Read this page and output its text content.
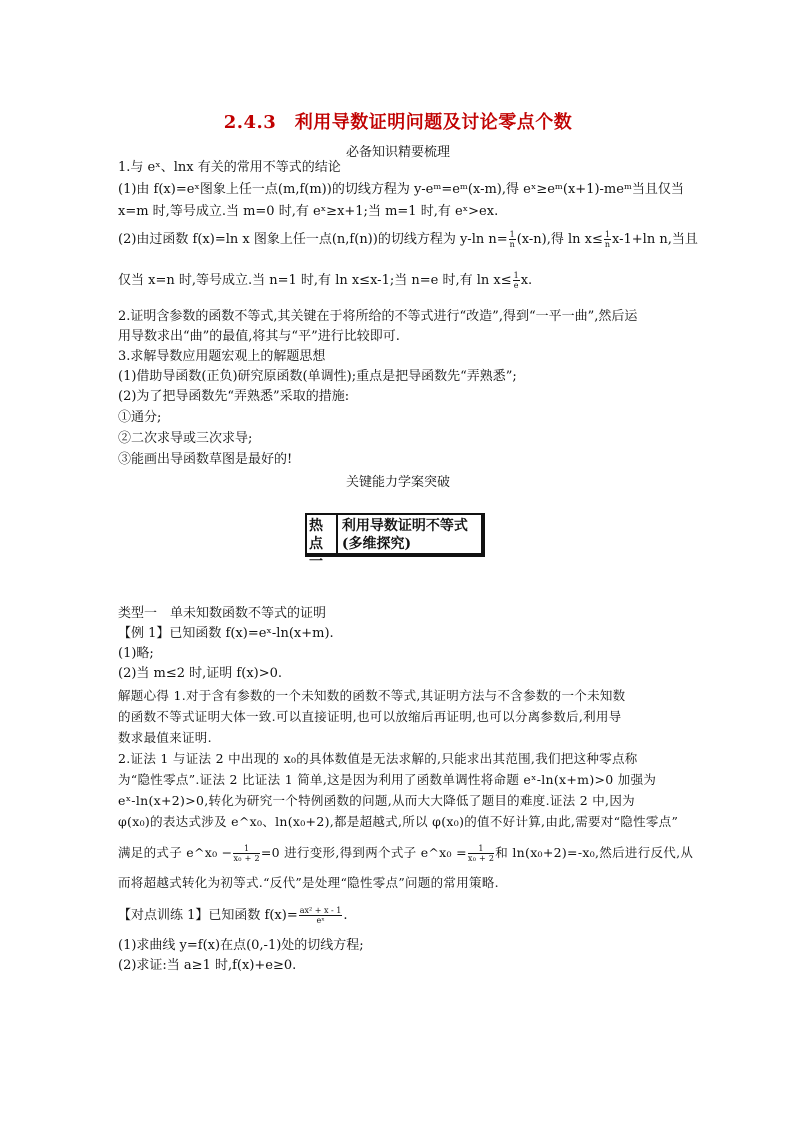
2.4.3　利用导数证明问题及讨论零点个数
必备知识精要梳理
1.与 eˣ、lnx 有关的常用不等式的结论
(1)由 f(x)=eˣ图象上任一点(m,f(m))的切线方程为 y-eᵐ=eᵐ(x-m),得 eˣ≥eᵐ(x+1)-meᵐ当且仅当
x=m 时,等号成立.当 m=0 时,有 eˣ≥x+1;当 m=1 时,有 eˣ>ex.
(2)由过函数 f(x)=ln x 图象上任一点(n,f(n))的切线方程为 y-ln $n= \frac{1}{n} (x-n)$,得 $\ln x\le \frac{1}{n} x-1+\ln$ n,当且
仅当 x=n 时,等号成立.当 n=1 时,有 ln x≤x-1;当 n=e 时,有 $\ln x\le \frac{1}{e} x$.
2.证明含参数的函数不等式,其关键在于将所给的不等式进行“改造”,得到“一平一曲”,然后运
用导数求出“曲”的最值,将其与“平”进行比较即可.
3.求解导数应用题宏观上的解题思想
(1)借助导函数(正负)研究原函数(单调性);重点是把导函数先“弄熟悉”;
(2)为了把导函数先“弄熟悉”采取的措施:
①通分;
②二次求导或三次求导;
③能画出导函数草图是最好的!
关键能力学案突破
热点一
利用导数证明不等式(多维探究)
类型一　单未知数函数不等式的证明
【例 1】已知函数 f(x)=eˣ-ln(x+m).
(1)略;
(2)当 m≤2 时,证明 f(x)>0.
解题心得 1.对于含有参数的一个未知数的函数不等式,其证明方法与不含参数的一个未知数
的函数不等式证明大体一致.可以直接证明,也可以放缩后再证明,也可以分离参数后,利用导
数求最值来证明.
2.证法 1 与证法 2 中出现的 x₀的具体数值是无法求解的,只能求出其范围,我们把这种零点称
为“隐性零点”.证法 2 比证法 1 简单,这是因为利用了函数单调性将命题 eˣ-ln(x+m)>0 加强为
eˣ-ln(x+2)>0,转化为研究一个特例函数的问题,从而大大降低了题目的难度.证法 2 中,因为
φ(x₀)的表达式涉及 e^x₀、ln(x₀+2),都是超越式,所以 φ(x₀)的值不好计算,由此,需要对“隐性零点”
满足的式子 e^x₀ − $\frac{1}{\text{x₀ + 2}} =0$ 进行变形,得到两个式子 e^x₀ = $\frac{1}{\text{x₀ + 2}}$ 和 ln(x₀+2)=-x₀,然后进行反代,从
而将超越式转化为初等式.“反代”是处理“隐性零点”问题的常用策略.
【对点训练 1】已知函数 $f(x)= \frac{\text{ax² + x - 1}}{\text{eˣ}}$ .
(1)求曲线 y=f(x)在点(0,-1)处的切线方程;
(2)求证:当 a≥1 时,f(x)+e≥0.
